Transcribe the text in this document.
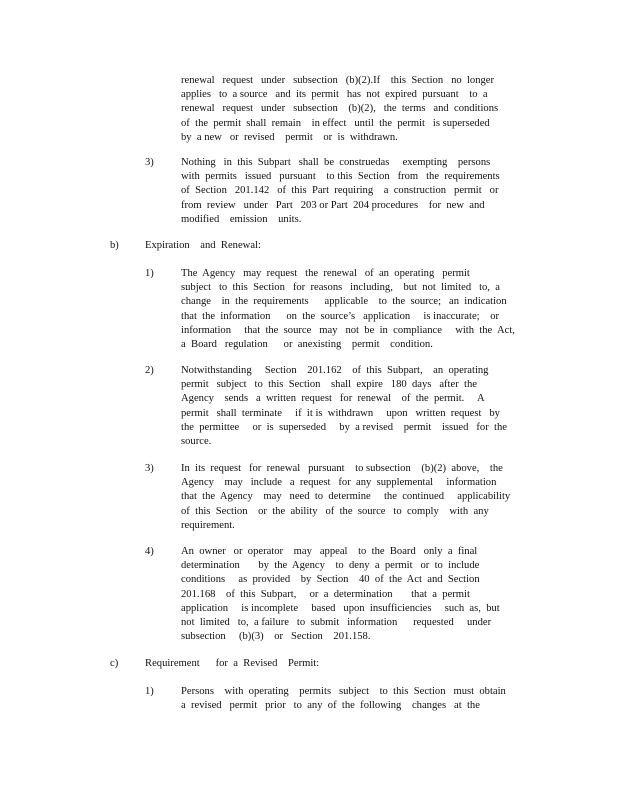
renewal   request   under   subsection   (b)(2).If    this  Section   no  longer
applies   to  a source   and  its  permit   has  not  expired  pursuant    to  a
renewal   request   under   subsection    (b)(2),   the  terms   and  conditions
of  the  permit  shall  remain    in effect   until  the  permit   is superseded
by  a new   or  revised    permit    or  is  withdrawn.
3)	Nothing   in  this  Subpart   shall  be  construedas     exempting    persons
with  permits   issued   pursuant    to this  Section   from   the  requirements
of  Section   201.142   of  this  Part  requiring    a  construction   permit   or
from  review   under   Part   203 or Part  204 procedures    for  new  and
modified    emission    units.
b) Expiration    and  Renewal:
1)	The  Agency   may  request   the  renewal   of  an  operating   permit
subject   to  this  Section   for  reasons   including,    but  not  limited   to,  a
change    in  the  requirements      applicable    to  the  source;   an  indication
that  the  information      on  the  source’s   application     is inaccurate;    or
information     that  the  source   may   not  be  in  compliance     with  the  Act,
a  Board   regulation      or  anexisting    permit    condition.
2)	Notwithstanding     Section    201.162    of  this  Subpart,    an  operating
permit   subject   to  this  Section    shall  expire   180  days   after  the
Agency    sends   a  written  request   for  renewal    of  the  permit.     A
permit   shall  terminate     if  it is  withdrawn     upon   written  request   by
the  permittee     or  is  superseded     by  a revised    permit    issued   for  the
source.
3)	In  its  request   for  renewal   pursuant    to subsection    (b)(2)  above,    the
Agency    may   include   a  request   for  any  supplemental     information
that  the  Agency    may   need  to  determine     the  continued     applicability
of  this  Section    or  the  ability   of  the  source   to  comply    with  any
requirement.
4)	An  owner   or  operator    may   appeal    to  the  Board   only  a  final
determination       by  the  Agency    to  deny  a  permit   or  to  include
conditions     as  provided    by  Section    40  of  the  Act  and  Section
201.168    of  this  Subpart,     or  a  determination       that  a  permit
application     is incomplete     based   upon  insufficiencies     such  as,  but
not  limited   to,  a failure   to  submit   information      requested     under
subsection     (b)(3)    or   Section    201.158.
c)	Requirement      for  a  Revised    Permit:
1)	Persons    with  operating    permits   subject    to  this  Section   must  obtain
a  revised   permit   prior   to  any  of  the  following    changes   at  the
